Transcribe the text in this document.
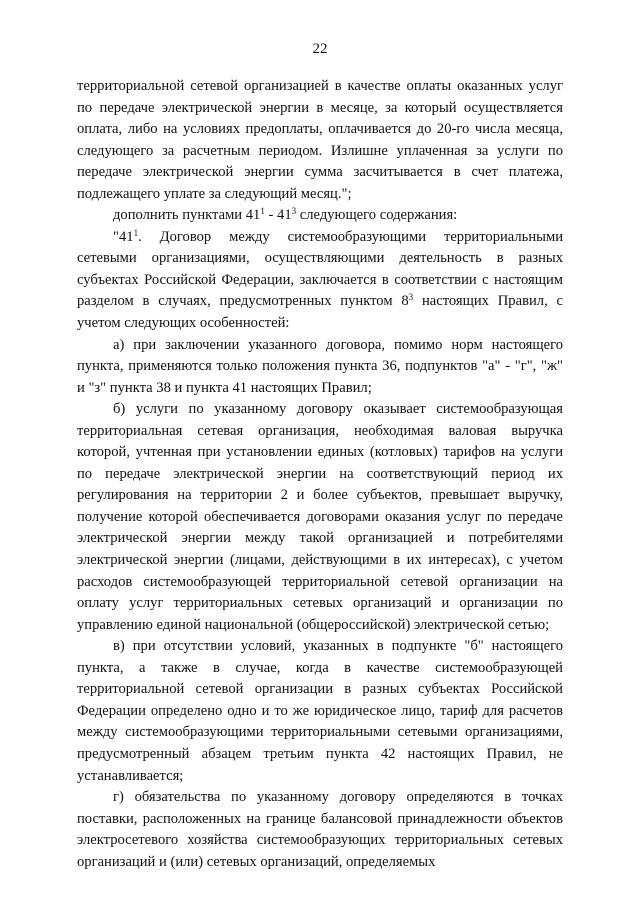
22

территориальной сетевой организацией в качестве оплаты оказанных услуг по передаче электрической энергии в месяце, за который осуществляется оплата, либо на условиях предоплаты, оплачивается до 20-го числа месяца, следующего за расчетным периодом. Излишне уплаченная за услуги по передаче электрической энергии сумма засчитывается в счет платежа, подлежащего уплате за следующий месяц.";

дополнить пунктами $41^1 - 41^3$ следующего содержания:

"$41^1$. Договор между системообразующими территориальными сетевыми организациями, осуществляющими деятельность в разных субъектах Российской Федерации, заключается в соответствии с настоящим разделом в случаях, предусмотренных пунктом $8^3$ настоящих Правил, с учетом следующих особенностей:

а) при заключении указанного договора, помимо норм настоящего пункта, применяются только положения пункта 36, подпунктов "а" - "г", "ж" и "з" пункта 38 и пункта 41 настоящих Правил;

б) услуги по указанному договору оказывает системообразующая территориальная сетевая организация, необходимая валовая выручка которой, учтенная при установлении единых (котловых) тарифов на услуги по передаче электрической энергии на соответствующий период их регулирования на территории 2 и более субъектов, превышает выручку, получение которой обеспечивается договорами оказания услуг по передаче электрической энергии между такой организацией и потребителями электрической энергии (лицами, действующими в их интересах), с учетом расходов системообразующей территориальной сетевой организации на оплату услуг территориальных сетевых организаций и организации по управлению единой национальной (общероссийской) электрической сетью;

в) при отсутствии условий, указанных в подпункте "б" настоящего пункта, а также в случае, когда в качестве системообразующей территориальной сетевой организации в разных субъектах Российской Федерации определено одно и то же юридическое лицо, тариф для расчетов между системообразующими территориальными сетевыми организациями, предусмотренный абзацем третьим пункта 42 настоящих Правил, не устанавливается;

г) обязательства по указанному договору определяются в точках поставки, расположенных на границе балансовой принадлежности объектов электросетевого хозяйства системообразующих территориальных сетевых организаций и (или) сетевых организаций, определяемых
